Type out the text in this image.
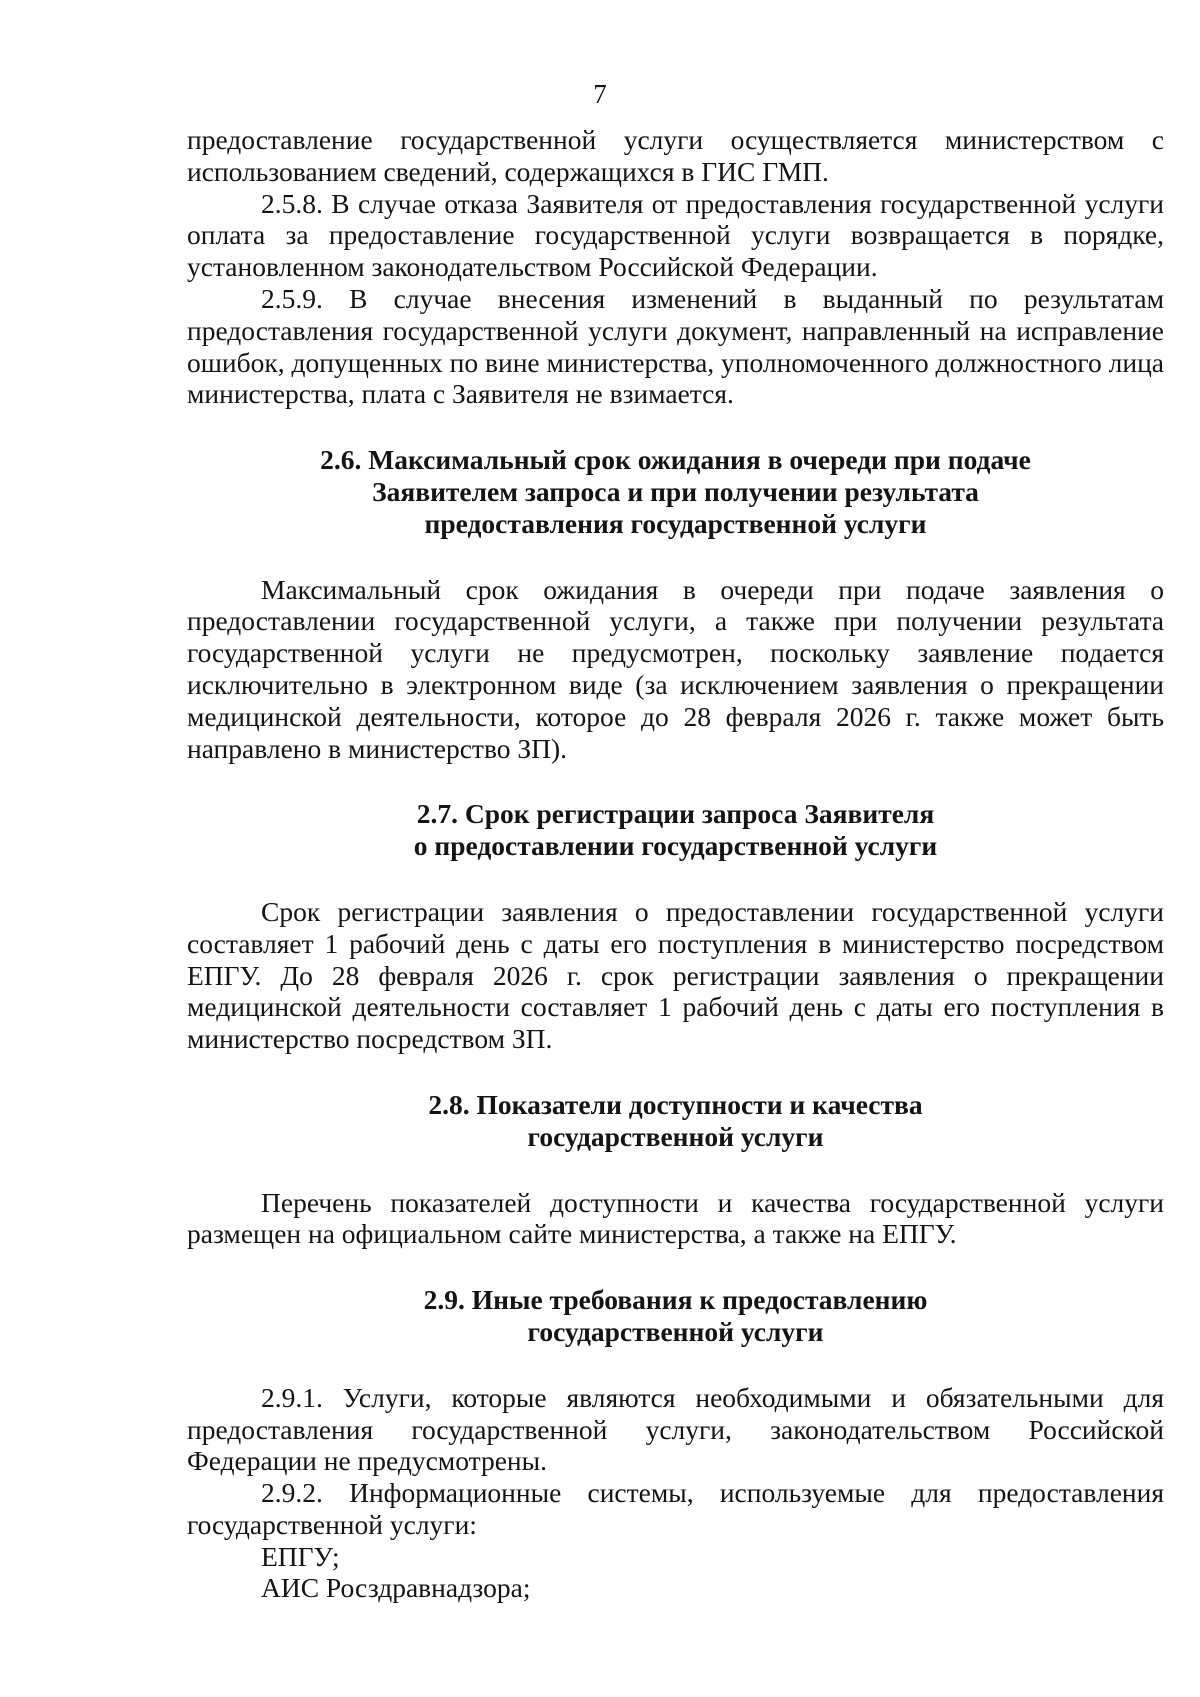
7

предоставление государственной услуги осуществляется министерством с использованием сведений, содержащихся в ГИС ГМП.

2.5.8. В случае отказа Заявителя от предоставления государственной услуги оплата за предоставление государственной услуги возвращается в порядке, установленном законодательством Российской Федерации.

2.5.9. В случае внесения изменений в выданный по результатам предоставления государственной услуги документ, направленный на исправление ошибок, допущенных по вине министерства, уполномоченного должностного лица министерства, плата с Заявителя не взимается.

2.6. Максимальный срок ожидания в очереди при подаче
Заявителем запроса и при получении результата
предоставления государственной услуги

Максимальный срок ожидания в очереди при подаче заявления о предоставлении государственной услуги, а также при получении результата государственной услуги не предусмотрен, поскольку заявление подается исключительно в электронном виде (за исключением заявления о прекращении медицинской деятельности, которое до 28 февраля 2026 г. также может быть направлено в министерство ЗП).

2.7. Срок регистрации запроса Заявителя
о предоставлении государственной услуги

Срок регистрации заявления о предоставлении государственной услуги составляет 1 рабочий день с даты его поступления в министерство посредством ЕПГУ. До 28 февраля 2026 г. срок регистрации заявления о прекращении медицинской деятельности составляет 1 рабочий день с даты его поступления в министерство посредством ЗП.

2.8. Показатели доступности и качества
государственной услуги

Перечень показателей доступности и качества государственной услуги размещен на официальном сайте министерства, а также на ЕПГУ.

2.9. Иные требования к предоставлению
государственной услуги

2.9.1. Услуги, которые являются необходимыми и обязательными для предоставления государственной услуги, законодательством Российской Федерации не предусмотрены.

2.9.2. Информационные системы, используемые для предоставления государственной услуги:

ЕПГУ;

АИС Росздравнадзора;
